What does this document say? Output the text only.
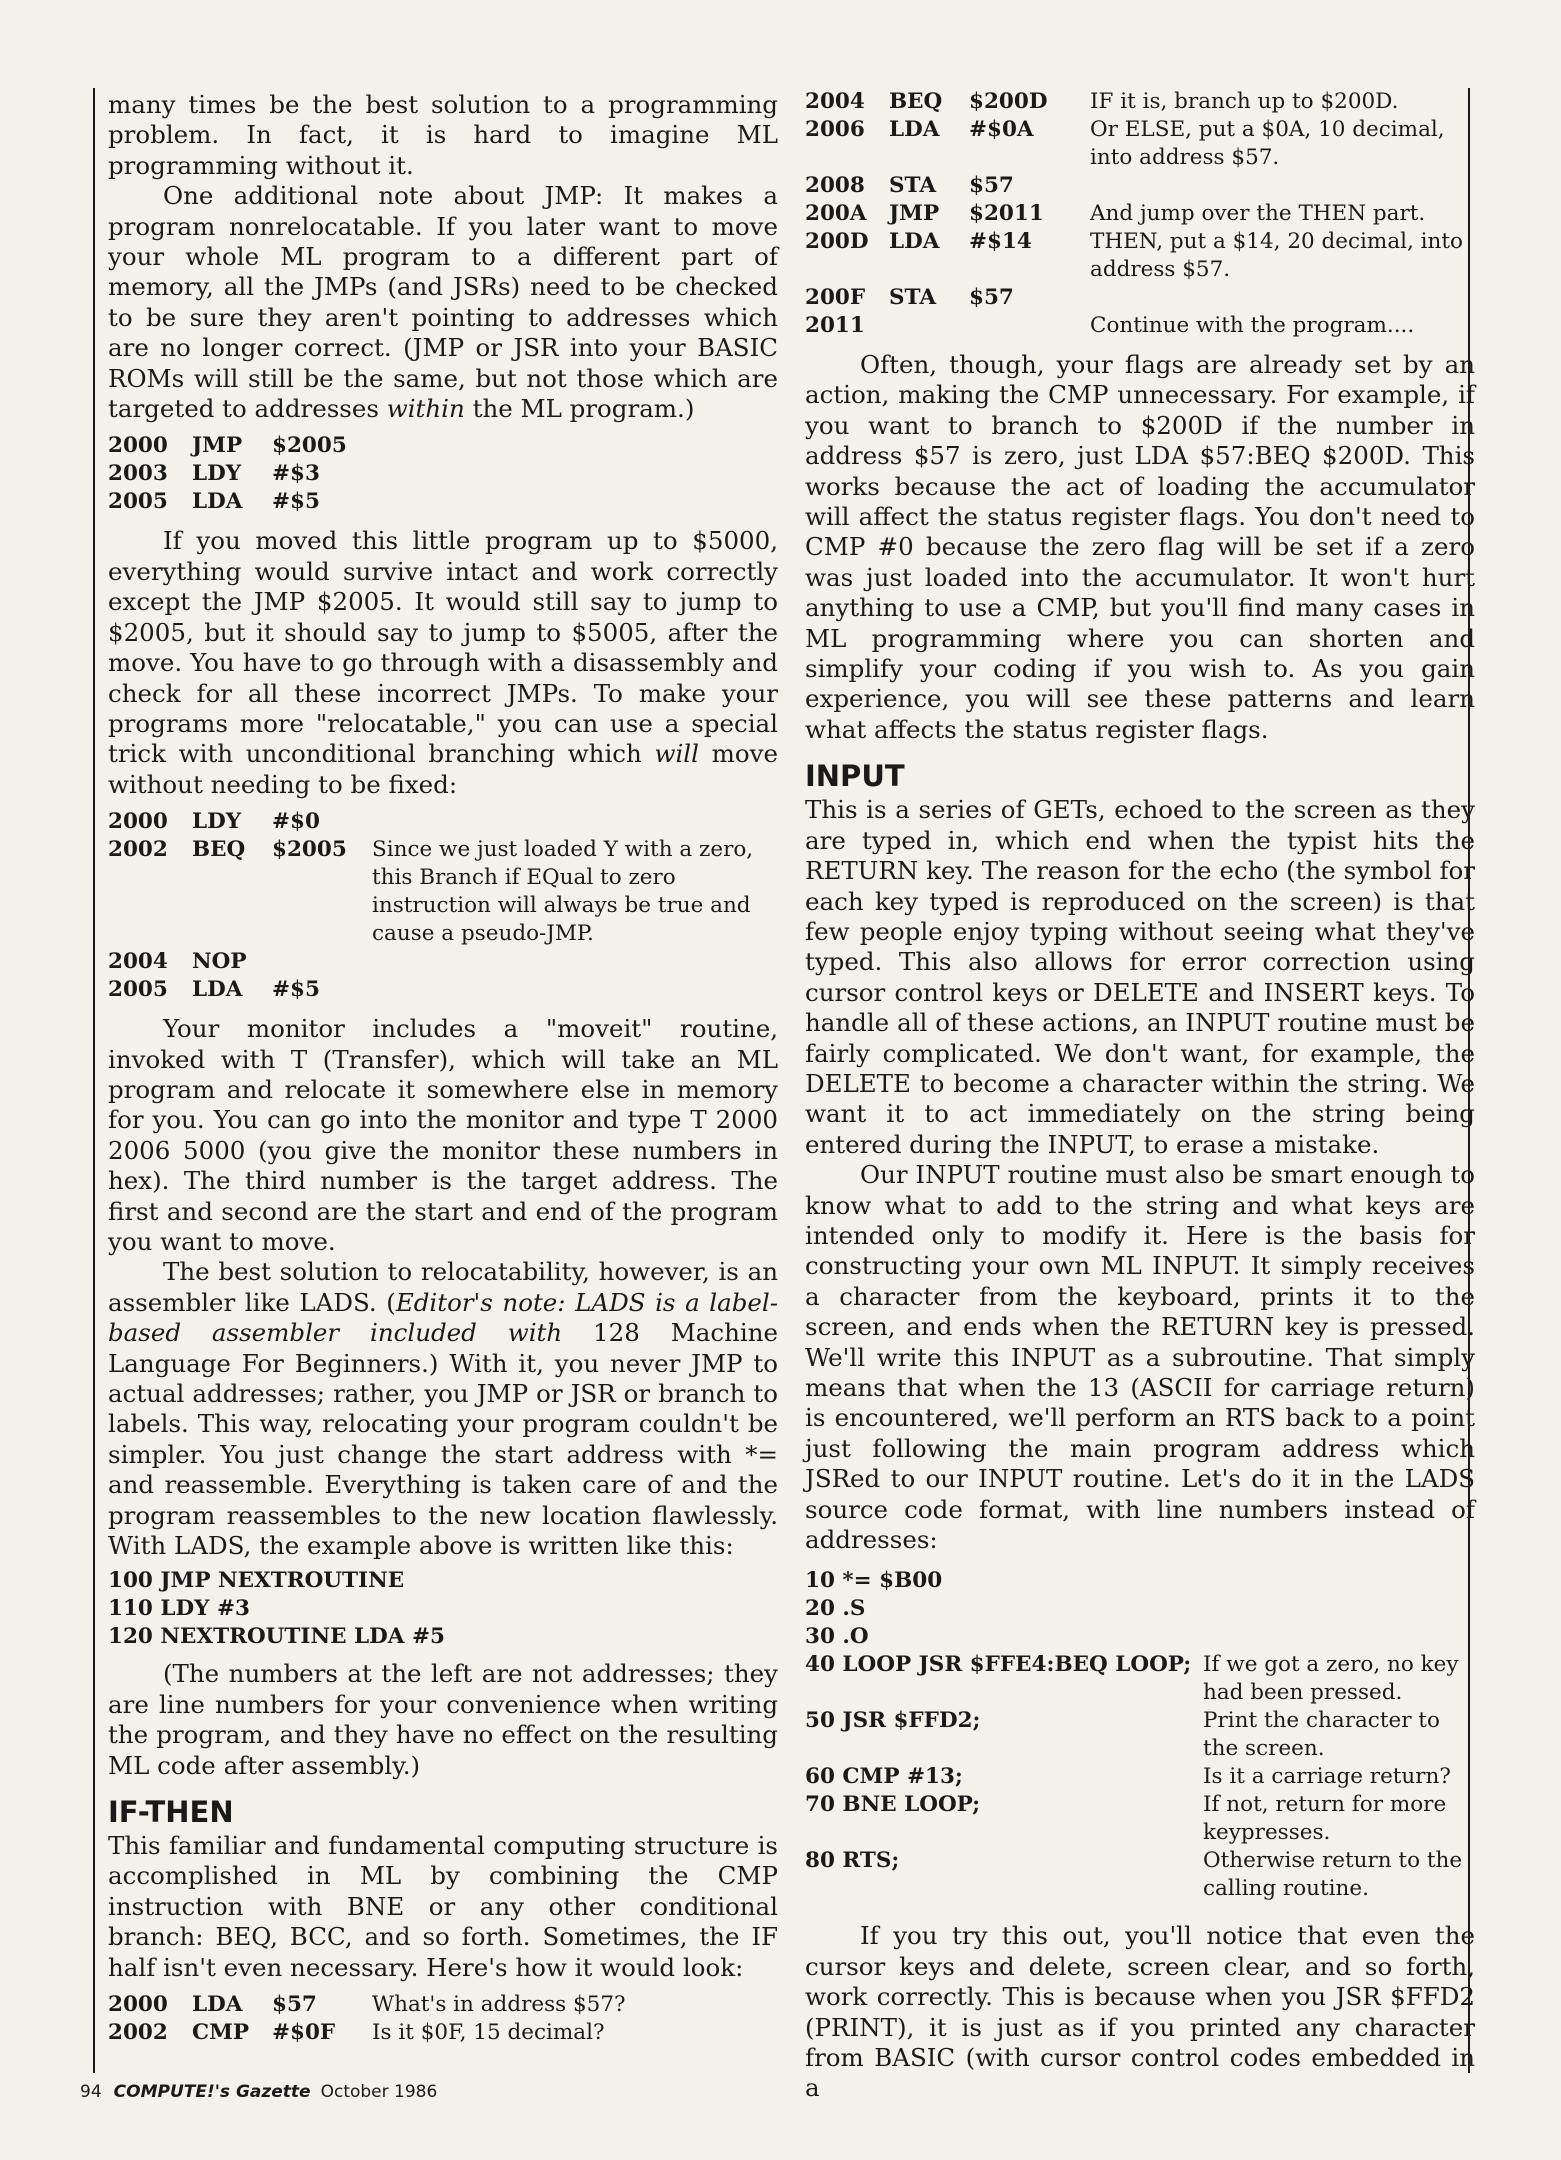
many times be the best solution to a programming problem. In fact, it is hard to imagine ML programming without it.

One additional note about JMP: It makes a program nonrelocatable. If you later want to move your whole ML program to a different part of memory, all the JMPs (and JSRs) need to be checked to be sure they aren't pointing to addresses which are no longer correct. (JMP or JSR into your BASIC ROMs will still be the same, but not those which are targeted to addresses within the ML program.)

2000	JMP	$2005
2003	LDY	#$3
2005	LDA	#$5

If you moved this little program up to $5000, everything would survive intact and work correctly except the JMP $2005. It would still say to jump to $2005, but it should say to jump to $5005, after the move. You have to go through with a disassembly and check for all these incorrect JMPs. To make your programs more "relocatable," you can use a special trick with unconditional branching which will move without needing to be fixed:

2000	LDY	#$0
2002	BEQ	$2005	Since we just loaded Y with a zero, this Branch if EQual to zero instruction will always be true and cause a pseudo-JMP.
2004	NOP
2005	LDA	#$5

Your monitor includes a "moveit" routine, invoked with T (Transfer), which will take an ML program and relocate it somewhere else in memory for you. You can go into the monitor and type T 2000 2006 5000 (you give the monitor these numbers in hex). The third number is the target address. The first and second are the start and end of the program you want to move.

The best solution to relocatability, however, is an assembler like LADS. (Editor's note: LADS is a label-based assembler included with 128 Machine Language For Beginners.) With it, you never JMP to actual addresses; rather, you JMP or JSR or branch to labels. This way, relocating your program couldn't be simpler. You just change the start address with *= and reassemble. Everything is taken care of and the program reassembles to the new location flawlessly. With LADS, the example above is written like this:

100 JMP NEXTROUTINE
110 LDY #3
120 NEXTROUTINE LDA #5

(The numbers at the left are not addresses; they are line numbers for your convenience when writing the program, and they have no effect on the resulting ML code after assembly.)

IF-THEN

This familiar and fundamental computing structure is accomplished in ML by combining the CMP instruction with BNE or any other conditional branch: BEQ, BCC, and so forth. Sometimes, the IF half isn't even necessary. Here's how it would look:

2000	LDA	$57	What's in address $57?
2002	CMP	#$0F	Is it $0F, 15 decimal?
2004	BEQ	$200D	IF it is, branch up to $200D.
2006	LDA	#$0A	Or ELSE, put a $0A, 10 decimal, into address $57.
2008	STA	$57
200A	JMP	$2011	And jump over the THEN part.
200D LDA	#$14	THEN, put a $14, 20 decimal, into address $57.
200F	STA	$57
2011	Continue with the program....

Often, though, your flags are already set by an action, making the CMP unnecessary. For example, if you want to branch to $200D if the number in address $57 is zero, just LDA $57:BEQ $200D. This works because the act of loading the accumulator will affect the status register flags. You don't need to CMP #0 because the zero flag will be set if a zero was just loaded into the accumulator. It won't hurt anything to use a CMP, but you'll find many cases in ML programming where you can shorten and simplify your coding if you wish to. As you gain experience, you will see these patterns and learn what affects the status register flags.

INPUT

This is a series of GETs, echoed to the screen as they are typed in, which end when the typist hits the RETURN key. The reason for the echo (the symbol for each key typed is reproduced on the screen) is that few people enjoy typing without seeing what they've typed. This also allows for error correction using cursor control keys or DELETE and INSERT keys. To handle all of these actions, an INPUT routine must be fairly complicated. We don't want, for example, the DELETE to become a character within the string. We want it to act immediately on the string being entered during the INPUT, to erase a mistake.

Our INPUT routine must also be smart enough to know what to add to the string and what keys are intended only to modify it. Here is the basis for constructing your own ML INPUT. It simply receives a character from the keyboard, prints it to the screen, and ends when the RETURN key is pressed. We'll write this INPUT as a subroutine. That simply means that when the 13 (ASCII for carriage return) is encountered, we'll perform an RTS back to a point just following the main program address which JSRed to our INPUT routine. Let's do it in the LADS source code format, with line numbers instead of addresses:

10 *= $B00
20 .S
30 .O
40 LOOP JSR $FFE4:BEQ LOOP; If we got a zero, no key had been pressed.
50 JSR $FFD2;	Print the character to the screen.
60 CMP #13;	Is it a carriage return?
70 BNE LOOP;	If not, return for more keypresses.
80 RTS;	Otherwise return to the calling routine.

If you try this out, you'll notice that even the cursor keys and delete, screen clear, and so forth, work correctly. This is because when you JSR $FFD2 (PRINT), it is just as if you printed any character from BASIC (with cursor control codes embedded in a

94 COMPUTE!'s Gazette October 1986
